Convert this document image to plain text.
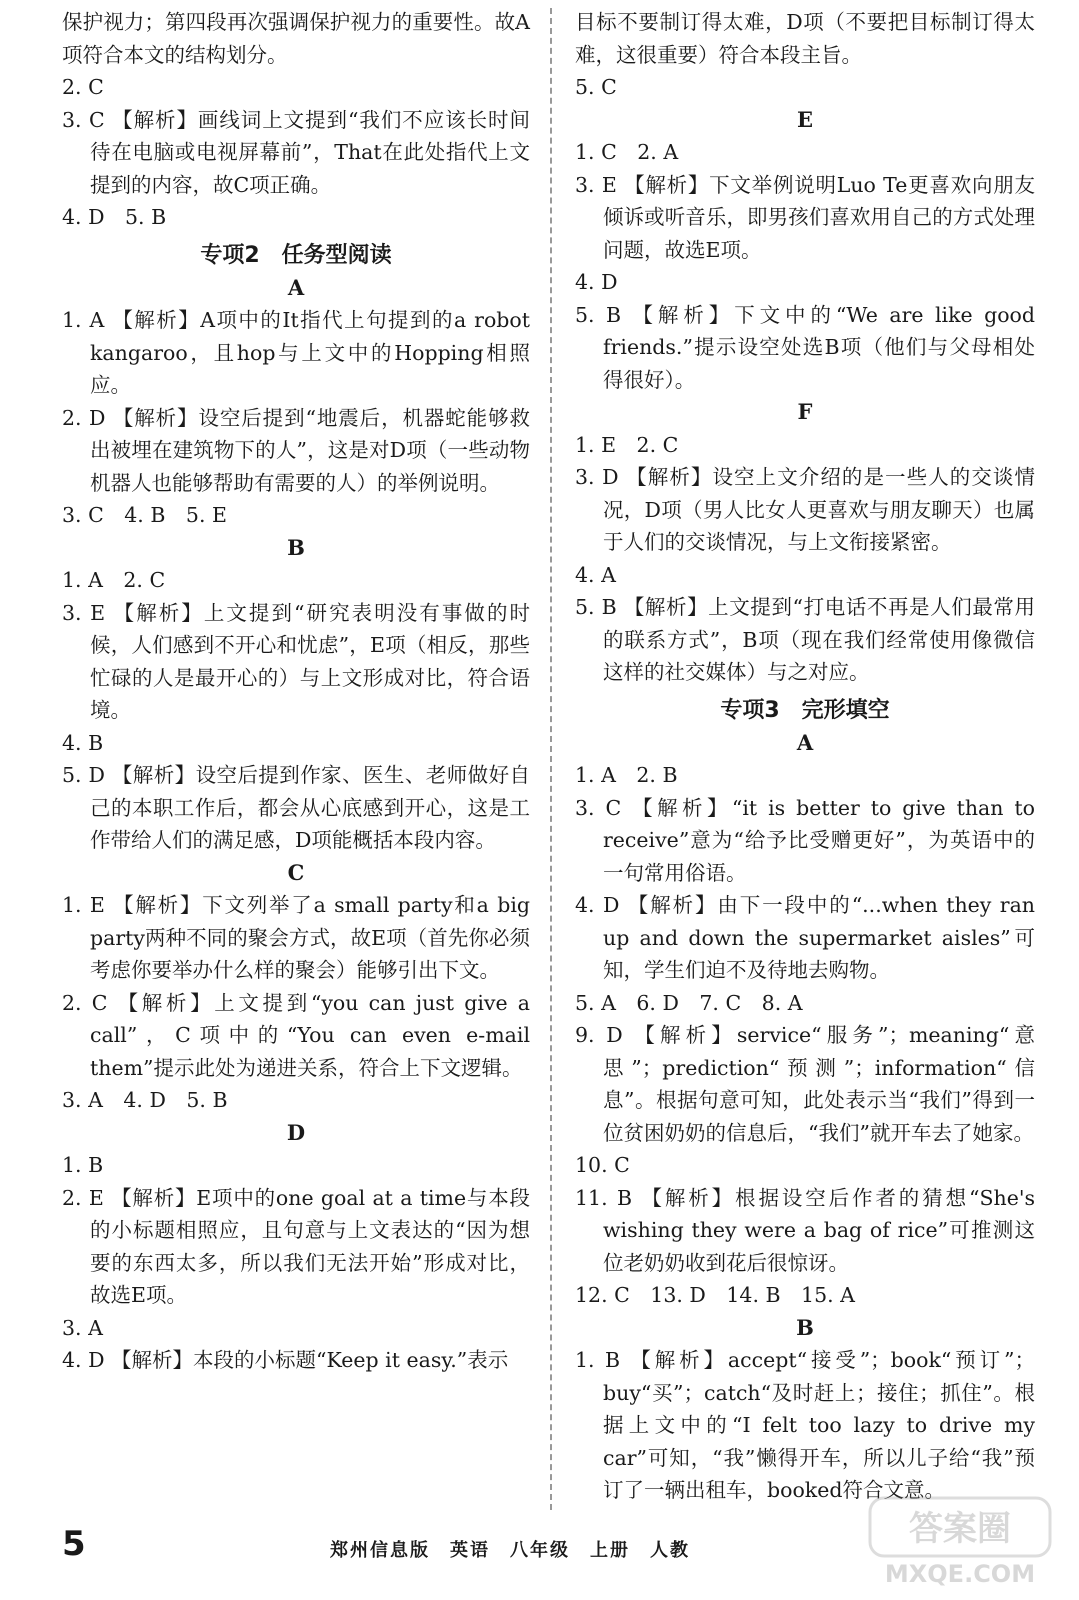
保护视力；第四段再次强调保护视力的重要性。故A项符合本文的结构划分。
2. C
3. C 【解析】画线词上文提到“我们不应该长时间待在电脑或电视屏幕前”，That在此处指代上文提到的内容，故C项正确。
4. D　5. B
专项2　任务型阅读
A
1. A 【解析】A项中的It指代上句提到的a robot kangaroo，且hop与上文中的Hopping相照应。
2. D 【解析】设空后提到“地震后，机器蛇能够救出被埋在建筑物下的人”，这是对D项（一些动物机器人也能够帮助有需要的人）的举例说明。
3. C　4. B　5. E
B
1. A　2. C
3. E 【解析】上文提到“研究表明没有事做的时候，人们感到不开心和忧虑”，E项（相反，那些忙碌的人是最开心的）与上文形成对比，符合语境。
4. B
5. D 【解析】设空后提到作家、医生、老师做好自己的本职工作后，都会从心底感到开心，这是工作带给人们的满足感，D项能概括本段内容。
C
1. E 【解析】下文列举了a small party和a big party两种不同的聚会方式，故E项（首先你必须考虑你要举办什么样的聚会）能够引出下文。
2. C 【解析】上文提到“you can just give a call”，C项中的“You can even e-mail them”提示此处为递进关系，符合上下文逻辑。
3. A　4. D　5. B
D
1. B
2. E 【解析】E项中的one goal at a time与本段的小标题相照应，且句意与上文表达的“因为想要的东西太多，所以我们无法开始”形成对比，故选E项。
3. A
4. D 【解析】本段的小标题“Keep it easy.”表示
目标不要制订得太难，D项（不要把目标制订得太难，这很重要）符合本段主旨。
5. C
E
1. C　2. A
3. E 【解析】下文举例说明Luo Te更喜欢向朋友倾诉或听音乐，即男孩们喜欢用自己的方式处理问题，故选E项。
4. D
5. B 【解析】下文中的“We are like good friends.”提示设空处选B项（他们与父母相处得很好）。
F
1. E　2. C
3. D 【解析】设空上文介绍的是一些人的交谈情况，D项（男人比女人更喜欢与朋友聊天）也属于人们的交谈情况，与上文衔接紧密。
4. A
5. B 【解析】上文提到“打电话不再是人们最常用的联系方式”，B项（现在我们经常使用像微信这样的社交媒体）与之对应。
专项3　完形填空
A
1. A　2. B
3. C 【解析】“it is better to give than to receive”意为“给予比受赠更好”，为英语中的一句常用俗语。
4. D 【解析】由下一段中的“...when they ran up and down the supermarket aisles”可知，学生们迫不及待地去购物。
5. A　6. D　7. C　8. A
9. D 【解析】service“服务”；meaning“意思”；prediction“预测”；information“信息”。根据句意可知，此处表示当“我们”得到一位贫困奶奶的信息后，“我们”就开车去了她家。
10. C
11. B 【解析】根据设空后作者的猜想“She's wishing they were a bag of rice”可推测这位老奶奶收到花后很惊讶。
12. C　13. D　14. B　15. A
B
1. B 【解析】accept“接受”；book“预订”；buy“买”；catch“及时赶上；接住；抓住”。根据上文中的“I felt too lazy to drive my car”可知，“我”懒得开车，所以儿子给“我”预订了一辆出租车，booked符合文意。
5	郑州信息版　英语　八年级　上册　人教
答案圈
MXQE.COM
